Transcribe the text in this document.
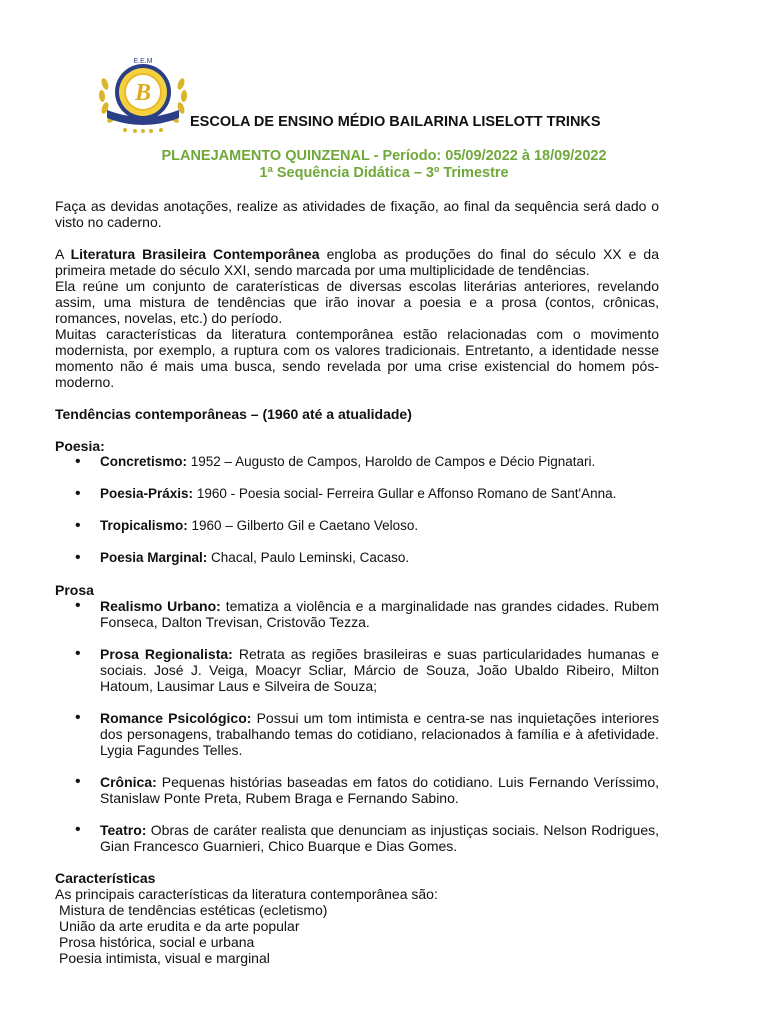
B
E.E.M
ESCOLA DE ENSINO MÉDIO BAILARINA LISELOTT TRINKS
PLANEJAMENTO QUINZENAL - Período: 05/09/2022 à 18/09/2022
1ª Sequência Didática – 3º Trimestre

Faça as devidas anotações, realize as atividades de fixação, ao final da sequência será dado o visto no caderno.

A Literatura Brasileira Contemporânea engloba as produções do final do século XX e da primeira metade do século XXI, sendo marcada por uma multiplicidade de tendências.

Ela reúne um conjunto de caraterísticas de diversas escolas literárias anteriores, revelando assim, uma mistura de tendências que irão inovar a poesia e a prosa (contos, crônicas, romances, novelas, etc.) do período.

Muitas características da literatura contemporânea estão relacionadas com o movimento modernista, por exemplo, a ruptura com os valores tradicionais. Entretanto, a identidade nesse momento não é mais uma busca, sendo revelada por uma crise existencial do homem pós-moderno.

Tendências contemporâneas – (1960 até a atualidade)

Poesia:

• Concretismo: 1952 – Augusto de Campos, Haroldo de Campos e Décio Pignatari.
• Poesia-Práxis: 1960 - Poesia social- Ferreira Gullar e Affonso Romano de Sant'Anna.
• Tropicalismo: 1960 – Gilberto Gil e Caetano Veloso.
• Poesia Marginal: Chacal, Paulo Leminski, Cacaso.

Prosa

• Realismo Urbano: tematiza a violência e a marginalidade nas grandes cidades. Rubem Fonseca, Dalton Trevisan, Cristovão Tezza.
• Prosa Regionalista: Retrata as regiões brasileiras e suas particularidades humanas e sociais. José J. Veiga, Moacyr Scliar, Márcio de Souza, João Ubaldo Ribeiro, Milton Hatoum, Lausimar Laus e Silveira de Souza;
• Romance Psicológico: Possui um tom intimista e centra-se nas inquietações interiores dos personagens, trabalhando temas do cotidiano, relacionados à família e à afetividade. Lygia Fagundes Telles.
• Crônica: Pequenas histórias baseadas em fatos do cotidiano. Luis Fernando Veríssimo, Stanislaw Ponte Preta, Rubem Braga e Fernando Sabino.
• Teatro: Obras de caráter realista que denunciam as injustiças sociais. Nelson Rodrigues, Gian Francesco Guarnieri, Chico Buarque e Dias Gomes.

Características

As principais características da literatura contemporânea são:

Mistura de tendências estéticas (ecletismo)
União da arte erudita e da arte popular
Prosa histórica, social e urbana
Poesia intimista, visual e marginal
